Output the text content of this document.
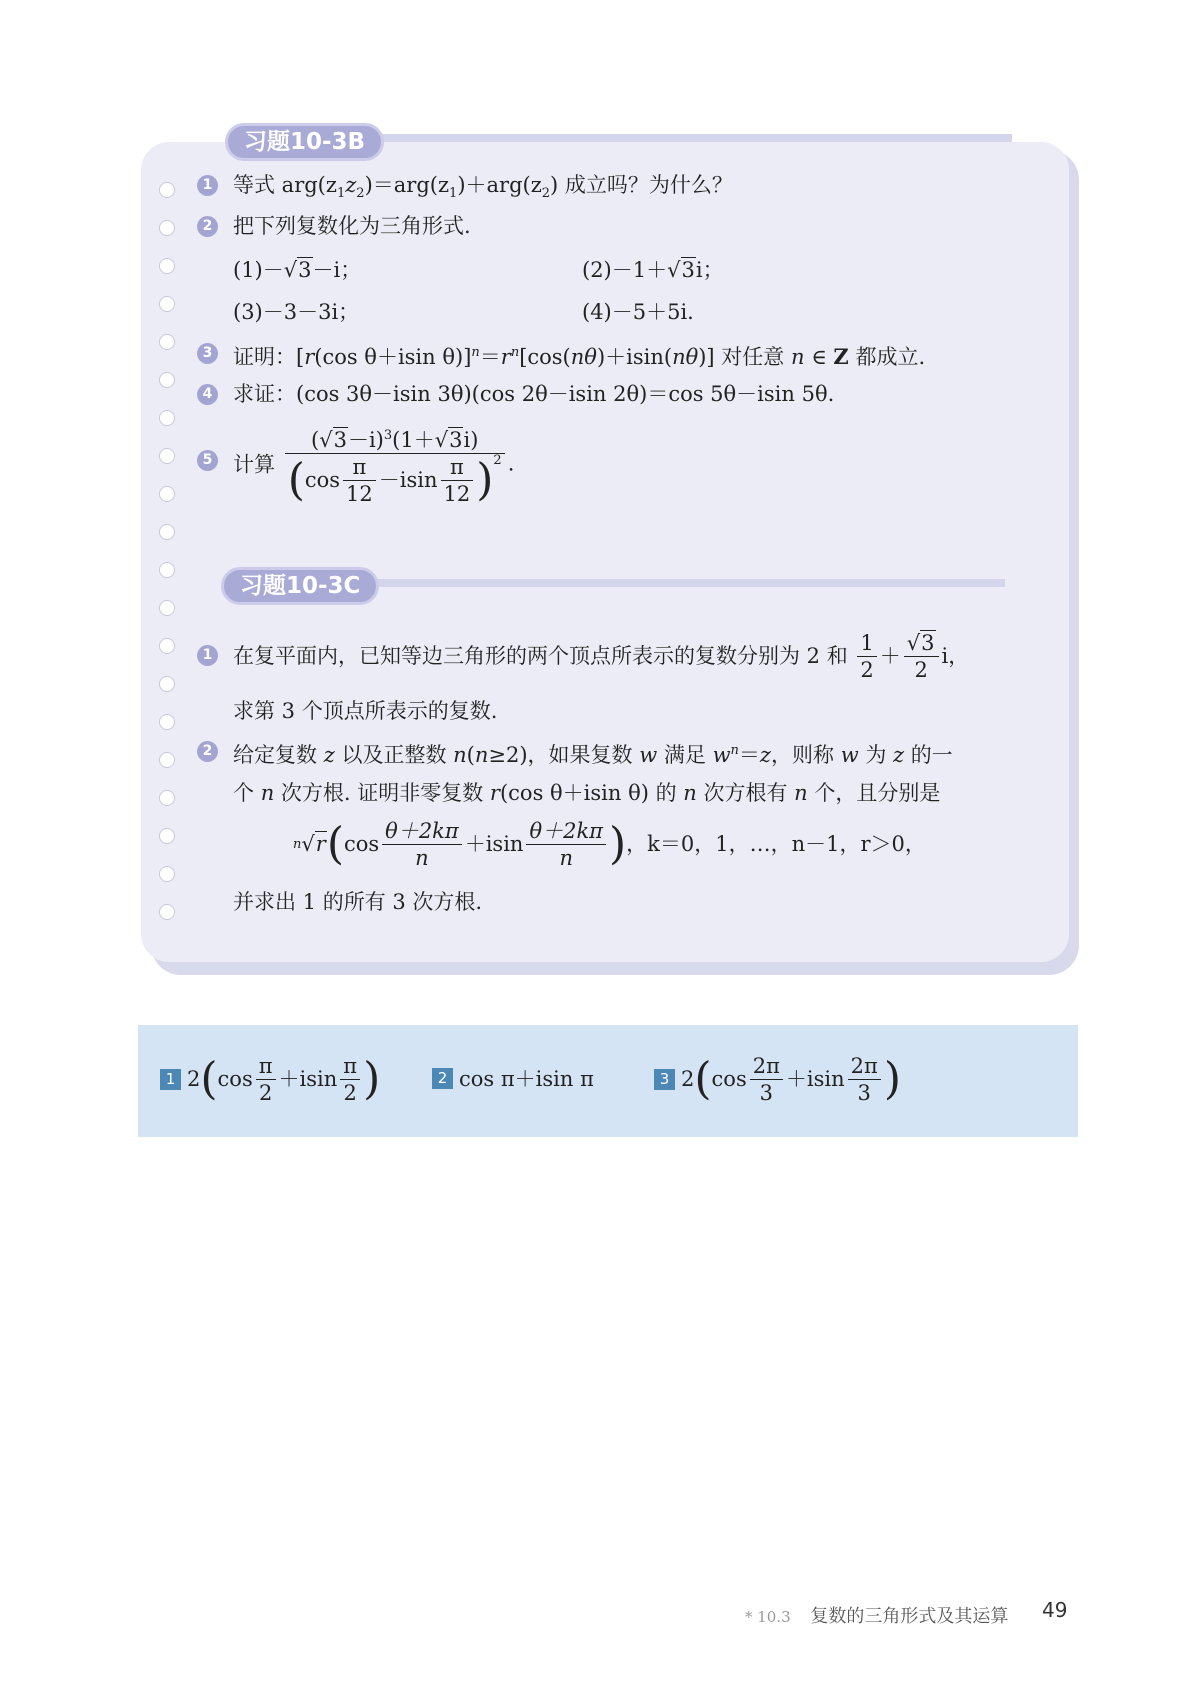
习题10-3B
1 等式 $arg(z_1z_2)=arg(z_1)+arg(z_2)$ 成立吗？为什么？
2 把下列复数化为三角形式.
(1)－√3－i；	(2)－1＋√3i；
(3)－3－3i；	(4)－5＋5i.
3 证明：[r(cos θ＋isin $\theta)]^n=r^n[\cos(n\theta)+isin(n\theta)]$ 对任意 n ∈ Z 都成立.
4 求证：(cos 3θ－isin 3θ)(cos 2θ－isin 2θ)＝cos 5θ－isin 5θ.
5 计算 $\frac{(√3-i)^3(1+√3i)}{(\cos \frac{\pi}{12} -isin \frac{\pi}{12} )^2}$ .
习题10-3C
1 在复平面内，已知等边三角形的两个顶点所表示的复数分别为 2 和 $\frac{1}{2} + \frac{√3}{2}$ i，
求第 3 个顶点所表示的复数.
2 给定复数 z 以及正整数 n(n≥2)，如果复数 w 满足 $w^n=z$，则称 w 为 z 的一
个 n 次方根. 证明非零复数 r(cos θ＋isin θ) 的 n 次方根有 n 个，且分别是
$n√r(\cos \frac{\theta+2k\pi}{n} +isin \frac{\theta+2k\pi}{n}$ )，k＝0，1，…，n－1，r＞0，
并求出 1 的所有 3 次方根.
1 $2(\cos \frac{\pi}{2} +isin \frac{\pi}{2}$ )	2 cos π＋isin π	3 $2(\cos \frac{2\pi}{3} +isin \frac{2\pi}{3}$ )
* 10.3 复数的三角形式及其运算 49
